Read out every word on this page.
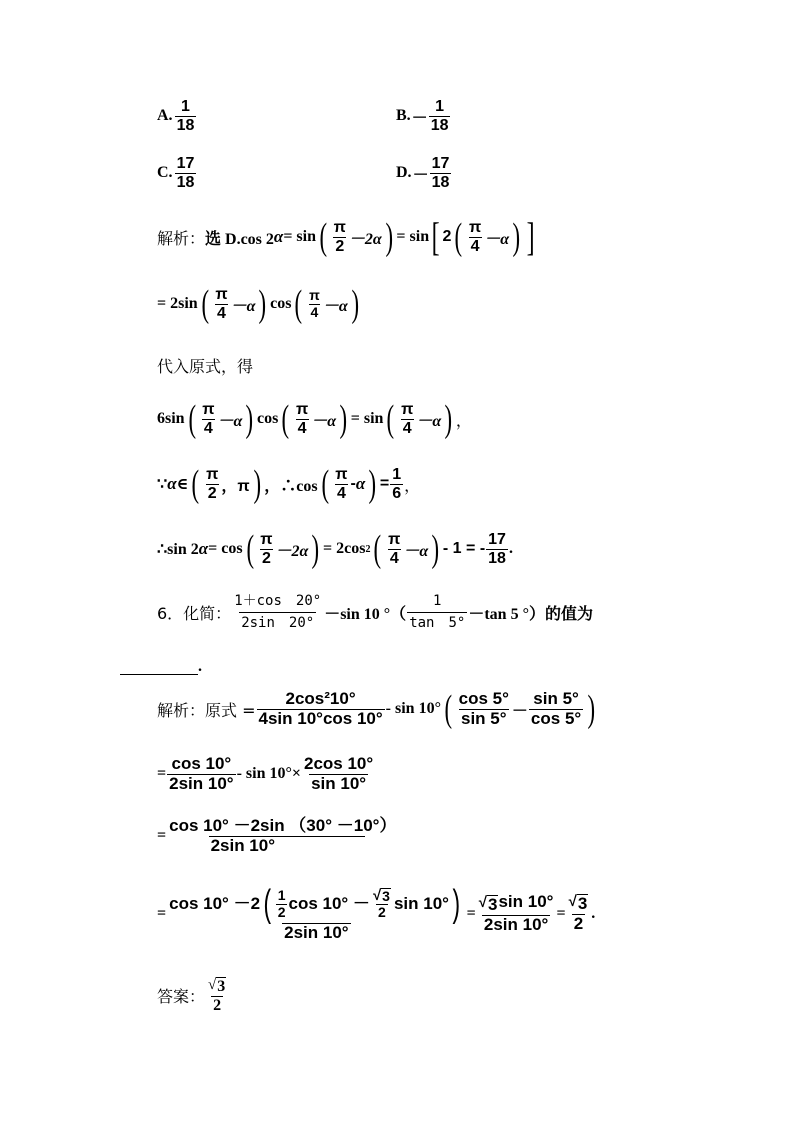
A. $\frac{1}{18}$	B. － $\frac{1}{18}$
C. $\frac{17}{18}$	D. － $\frac{17}{18}$
解析： 选 D.cos 2 α = sin ( $\frac{\pi}{2} -2\alpha$ ) = sin [ 2 ( $\frac{\pi}{4} -\alpha$ ) ]
= 2sin ( $\frac{\pi}{4} -\alpha$ ) cos ( $\frac{\pi}{4} -\alpha$ )
代入原式，得
6sin ( $\frac{\pi}{4} -\alpha$ ) cos ( $\frac{\pi}{4} -\alpha$ ) = sin ( $\frac{\pi}{4} -\alpha$ ) ，
∵ α ∈ ( $\frac{\pi}{2}$ ，π ) ，∴cos ( $\frac{\pi}{4}$ - α ) = $\frac{1}{6}$ ，
∴sin 2 α = cos ( $\frac{\pi}{2} -2\alpha$ ) = 2cos 2 ( $\frac{\pi}{4} -\alpha$ ) - 1 = - $\frac{17}{18}$ .
6．化简： $\frac{1+\cos 20^\circ}{2\sin 20^\circ} -\sin$ 10 °（ $\frac{1}{\tan 5^\circ} -\tan$ 5 °）的值为
.
解析：原式 = $\frac{\text{2cos²10°}}{4\sin 10^\circ\cos 10^\circ}$ - sin 10° ( $\frac{\cos 5^\circ}{\sin 5^\circ} - \frac{\sin 5^\circ}{\cos 5^\circ}$ )
= $\frac{\cos 10^\circ}{2\sin 10^\circ} - \sin 10^\circ \times \frac{2\cos 10^\circ}{\sin 10^\circ}$
= $\frac{\cos 10^\circ -2\sin (30^\circ -10^\circ)}{2\sin 10^\circ}$
=
cos 10° －2 ( $\frac{1}{2}$ $\cos 10^\circ - \frac{√ 3}{2}$ sin 10° )
2sin 10°
= $\frac{√ 3 \sin 10^\circ}{2\sin 10^\circ} = \frac{√ 3}{2}$ .
答案： $\frac{√ 3}{2}$
